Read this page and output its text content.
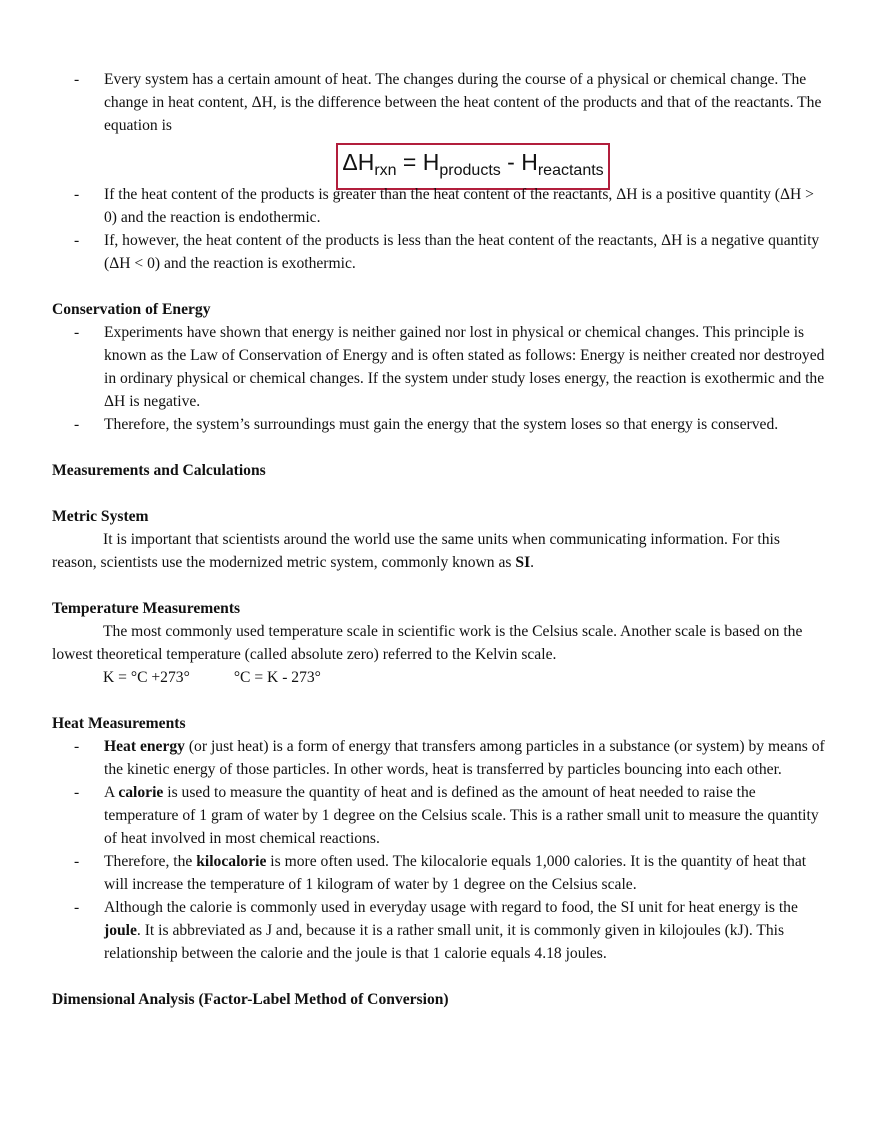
- Every system has a certain amount of heat. The changes during the course of a physical or chemical change. The change in heat content, ΔH, is the difference between the heat content of the products and that of the reactants. The equation is
$\Delta H_{rxn} = H_{products} - H_{reactants}$
- If the heat content of the products is greater than the heat content of the reactants, ΔH is a positive quantity (ΔH > 0) and the reaction is endothermic.
- If, however, the heat content of the products is less than the heat content of the reactants, ΔH is a negative quantity (ΔH < 0) and the reaction is exothermic.

Conservation of Energy

- Experiments have shown that energy is neither gained nor lost in physical or chemical changes. This principle is known as the Law of Conservation of Energy and is often stated as follows: Energy is neither created nor destroyed in ordinary physical or chemical changes. If the system under study loses energy, the reaction is exothermic and the ΔH is negative.
- Therefore, the system’s surroundings must gain the energy that the system loses so that energy is conserved.

Measurements and Calculations

Metric System

It is important that scientists around the world use the same units when communicating information. For this reason, scientists use the modernized metric system, commonly known as SI.

Temperature Measurements

The most commonly used temperature scale in scientific work is the Celsius scale. Another scale is based on the lowest theoretical temperature (called absolute zero) referred to the Kelvin scale.

K = °C +273°	°C = K - 273°

Heat Measurements

- Heat energy (or just heat) is a form of energy that transfers among particles in a substance (or system) by means of the kinetic energy of those particles. In other words, heat is transferred by particles bouncing into each other.
- A calorie is used to measure the quantity of heat and is defined as the amount of heat needed to raise the temperature of 1 gram of water by 1 degree on the Celsius scale. This is a rather small unit to measure the quantity of heat involved in most chemical reactions.
- Therefore, the kilocalorie is more often used. The kilocalorie equals 1,000 calories. It is the quantity of heat that will increase the temperature of 1 kilogram of water by 1 degree on the Celsius scale.
- Although the calorie is commonly used in everyday usage with regard to food, the SI unit for heat energy is the joule. It is abbreviated as J and, because it is a rather small unit, it is commonly given in kilojoules (kJ). This relationship between the calorie and the joule is that 1 calorie equals 4.18 joules.

Dimensional Analysis (Factor-Label Method of Conversion)
